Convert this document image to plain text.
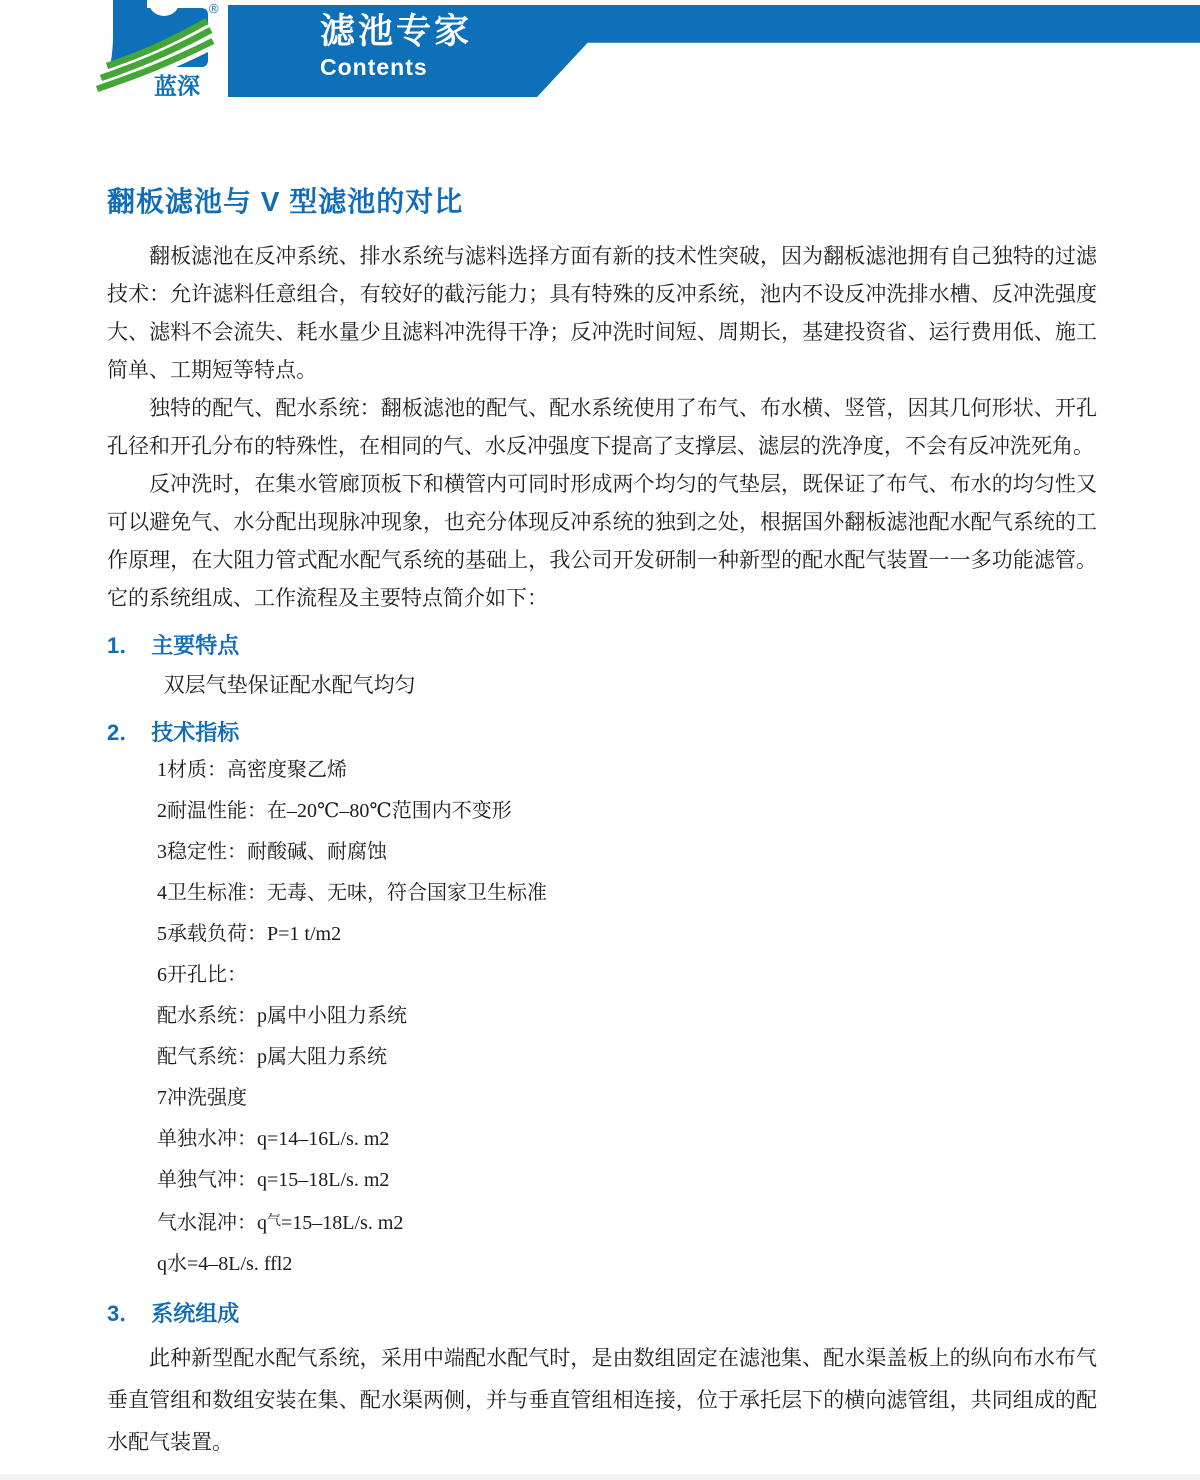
蓝深
®
滤池专家
Contents
翻板滤池与 V 型滤池的对比

翻板滤池在反冲系统、排水系统与滤料选择方面有新的技术性突破，因为翻板滤池拥有自己独特的过滤技术：允许滤料任意组合，有较好的截污能力；具有特殊的反冲系统，池内不设反冲洗排水槽、反冲洗强度大、滤料不会流失、耗水量少且滤料冲洗得干净；反冲洗时间短、周期长，基建投资省、运行费用低、施工简单、工期短等特点。

独特的配气、配水系统：翻板滤池的配气、配水系统使用了布气、布水横、竖管，因其几何形状、开孔孔径和开孔分布的特殊性，在相同的气、水反冲强度下提高了支撑层、滤层的洗净度，不会有反冲洗死角。

反冲洗时，在集水管廊顶板下和横管内可同时形成两个均匀的气垫层，既保证了布气、布水的均匀性又可以避免气、水分配出现脉冲现象，也充分体现反冲系统的独到之处，根据国外翻板滤池配水配气系统的工作原理，在大阻力管式配水配气系统的基础上，我公司开发研制一种新型的配水配气装置一一多功能滤管。它的系统组成、工作流程及主要特点简介如下：

1． 主要特点

双层气垫保证配水配气均匀

2． 技术指标
1材质：高密度聚乙烯
2耐温性能：在–20℃–80℃范围内不变形
3稳定性：耐酸碱、耐腐蚀
4卫生标准：无毒、无味，符合国家卫生标准
5承载负荷：P=1 t/m2
6开孔比：
配水系统：p属中小阻力系统
配气系统：p属大阻力系统
7冲洗强度
单独水冲：q=14–16L/s. m2
单独气冲：q=15–18L/s. m2
气水混冲：$q^气=15-18L/s$. m2
q水=4–8L/s. ffl2
3． 系统组成

此种新型配水配气系统，采用中端配水配气时，是由数组固定在滤池集、配水渠盖板上的纵向布水布气垂直管组和数组安装在集、配水渠两侧，并与垂直管组相连接，位于承托层下的横向滤管组，共同组成的配水配气装置。
